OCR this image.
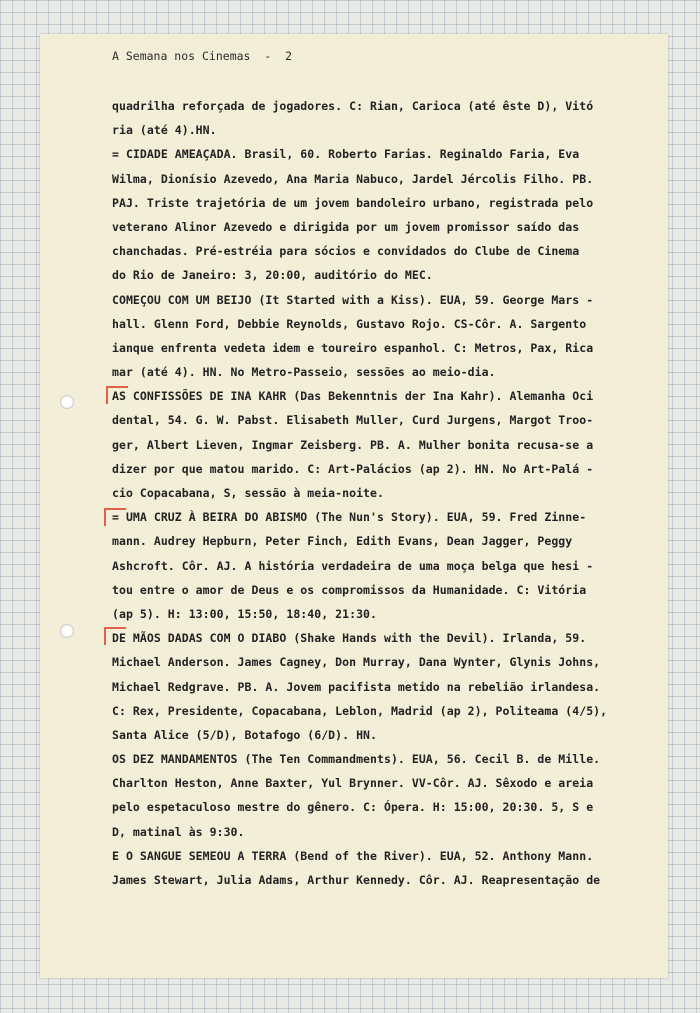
A Semana nos Cinemas  -  2
quadrilha reforçada de jogadores. C: Rian, Carioca (até êste D), Vitó
ria (até 4).HN.
= CIDADE AMEAÇADA. Brasil, 60. Roberto Farias. Reginaldo Faria, Eva
Wilma, Dionísio Azevedo, Ana Maria Nabuco, Jardel Jércolis Filho. PB.
PAJ. Triste trajetória de um jovem bandoleiro urbano, registrada pelo
veterano Alinor Azevedo e dirigida por um jovem promissor saído das
chanchadas. Pré-estréia para sócios e convidados do Clube de Cinema
do Rio de Janeiro: 3, 20:00, auditório do MEC.
COMEÇOU COM UM BEIJO (It Started with a Kiss). EUA, 59. George Mars -
hall. Glenn Ford, Debbie Reynolds, Gustavo Rojo. CS-Côr. A. Sargento
ianque enfrenta vedeta idem e toureiro espanhol. C: Metros, Pax, Rica
mar (até 4). HN. No Metro-Passeio, sessões ao meio-dia.
AS CONFISSÕES DE INA KAHR (Das Bekenntnis der Ina Kahr). Alemanha Oci
dental, 54. G. W. Pabst. Elisabeth Muller, Curd Jurgens, Margot Troo-
ger, Albert Lieven, Ingmar Zeisberg. PB. A. Mulher bonita recusa-se a
dizer por que matou marido. C: Art-Palácios (ap 2). HN. No Art-Palá -
cio Copacabana, S, sessão à meia-noite.
= UMA CRUZ À BEIRA DO ABISMO (The Nun's Story). EUA, 59. Fred Zinne-
mann. Audrey Hepburn, Peter Finch, Edith Evans, Dean Jagger, Peggy
Ashcroft. Côr. AJ. A história verdadeira de uma moça belga que hesi -
tou entre o amor de Deus e os compromissos da Humanidade. C: Vitória
(ap 5). H: 13:00, 15:50, 18:40, 21:30.
DE MÃOS DADAS COM O DIABO (Shake Hands with the Devil). Irlanda, 59.
Michael Anderson. James Cagney, Don Murray, Dana Wynter, Glynis Johns,
Michael Redgrave. PB. A. Jovem pacifista metido na rebelião irlandesa.
C: Rex, Presidente, Copacabana, Leblon, Madrid (ap 2), Politeama (4/5),
Santa Alice (5/D), Botafogo (6/D). HN.
OS DEZ MANDAMENTOS (The Ten Commandments). EUA, 56. Cecil B. de Mille.
Charlton Heston, Anne Baxter, Yul Brynner. VV-Côr. AJ. Sêxodo e areia
pelo espetaculoso mestre do gênero. C: Ópera. H: 15:00, 20:30. 5, S e
D, matinal às 9:30.
E O SANGUE SEMEOU A TERRA (Bend of the River). EUA, 52. Anthony Mann.
James Stewart, Julia Adams, Arthur Kennedy. Côr. AJ. Reapresentação de
